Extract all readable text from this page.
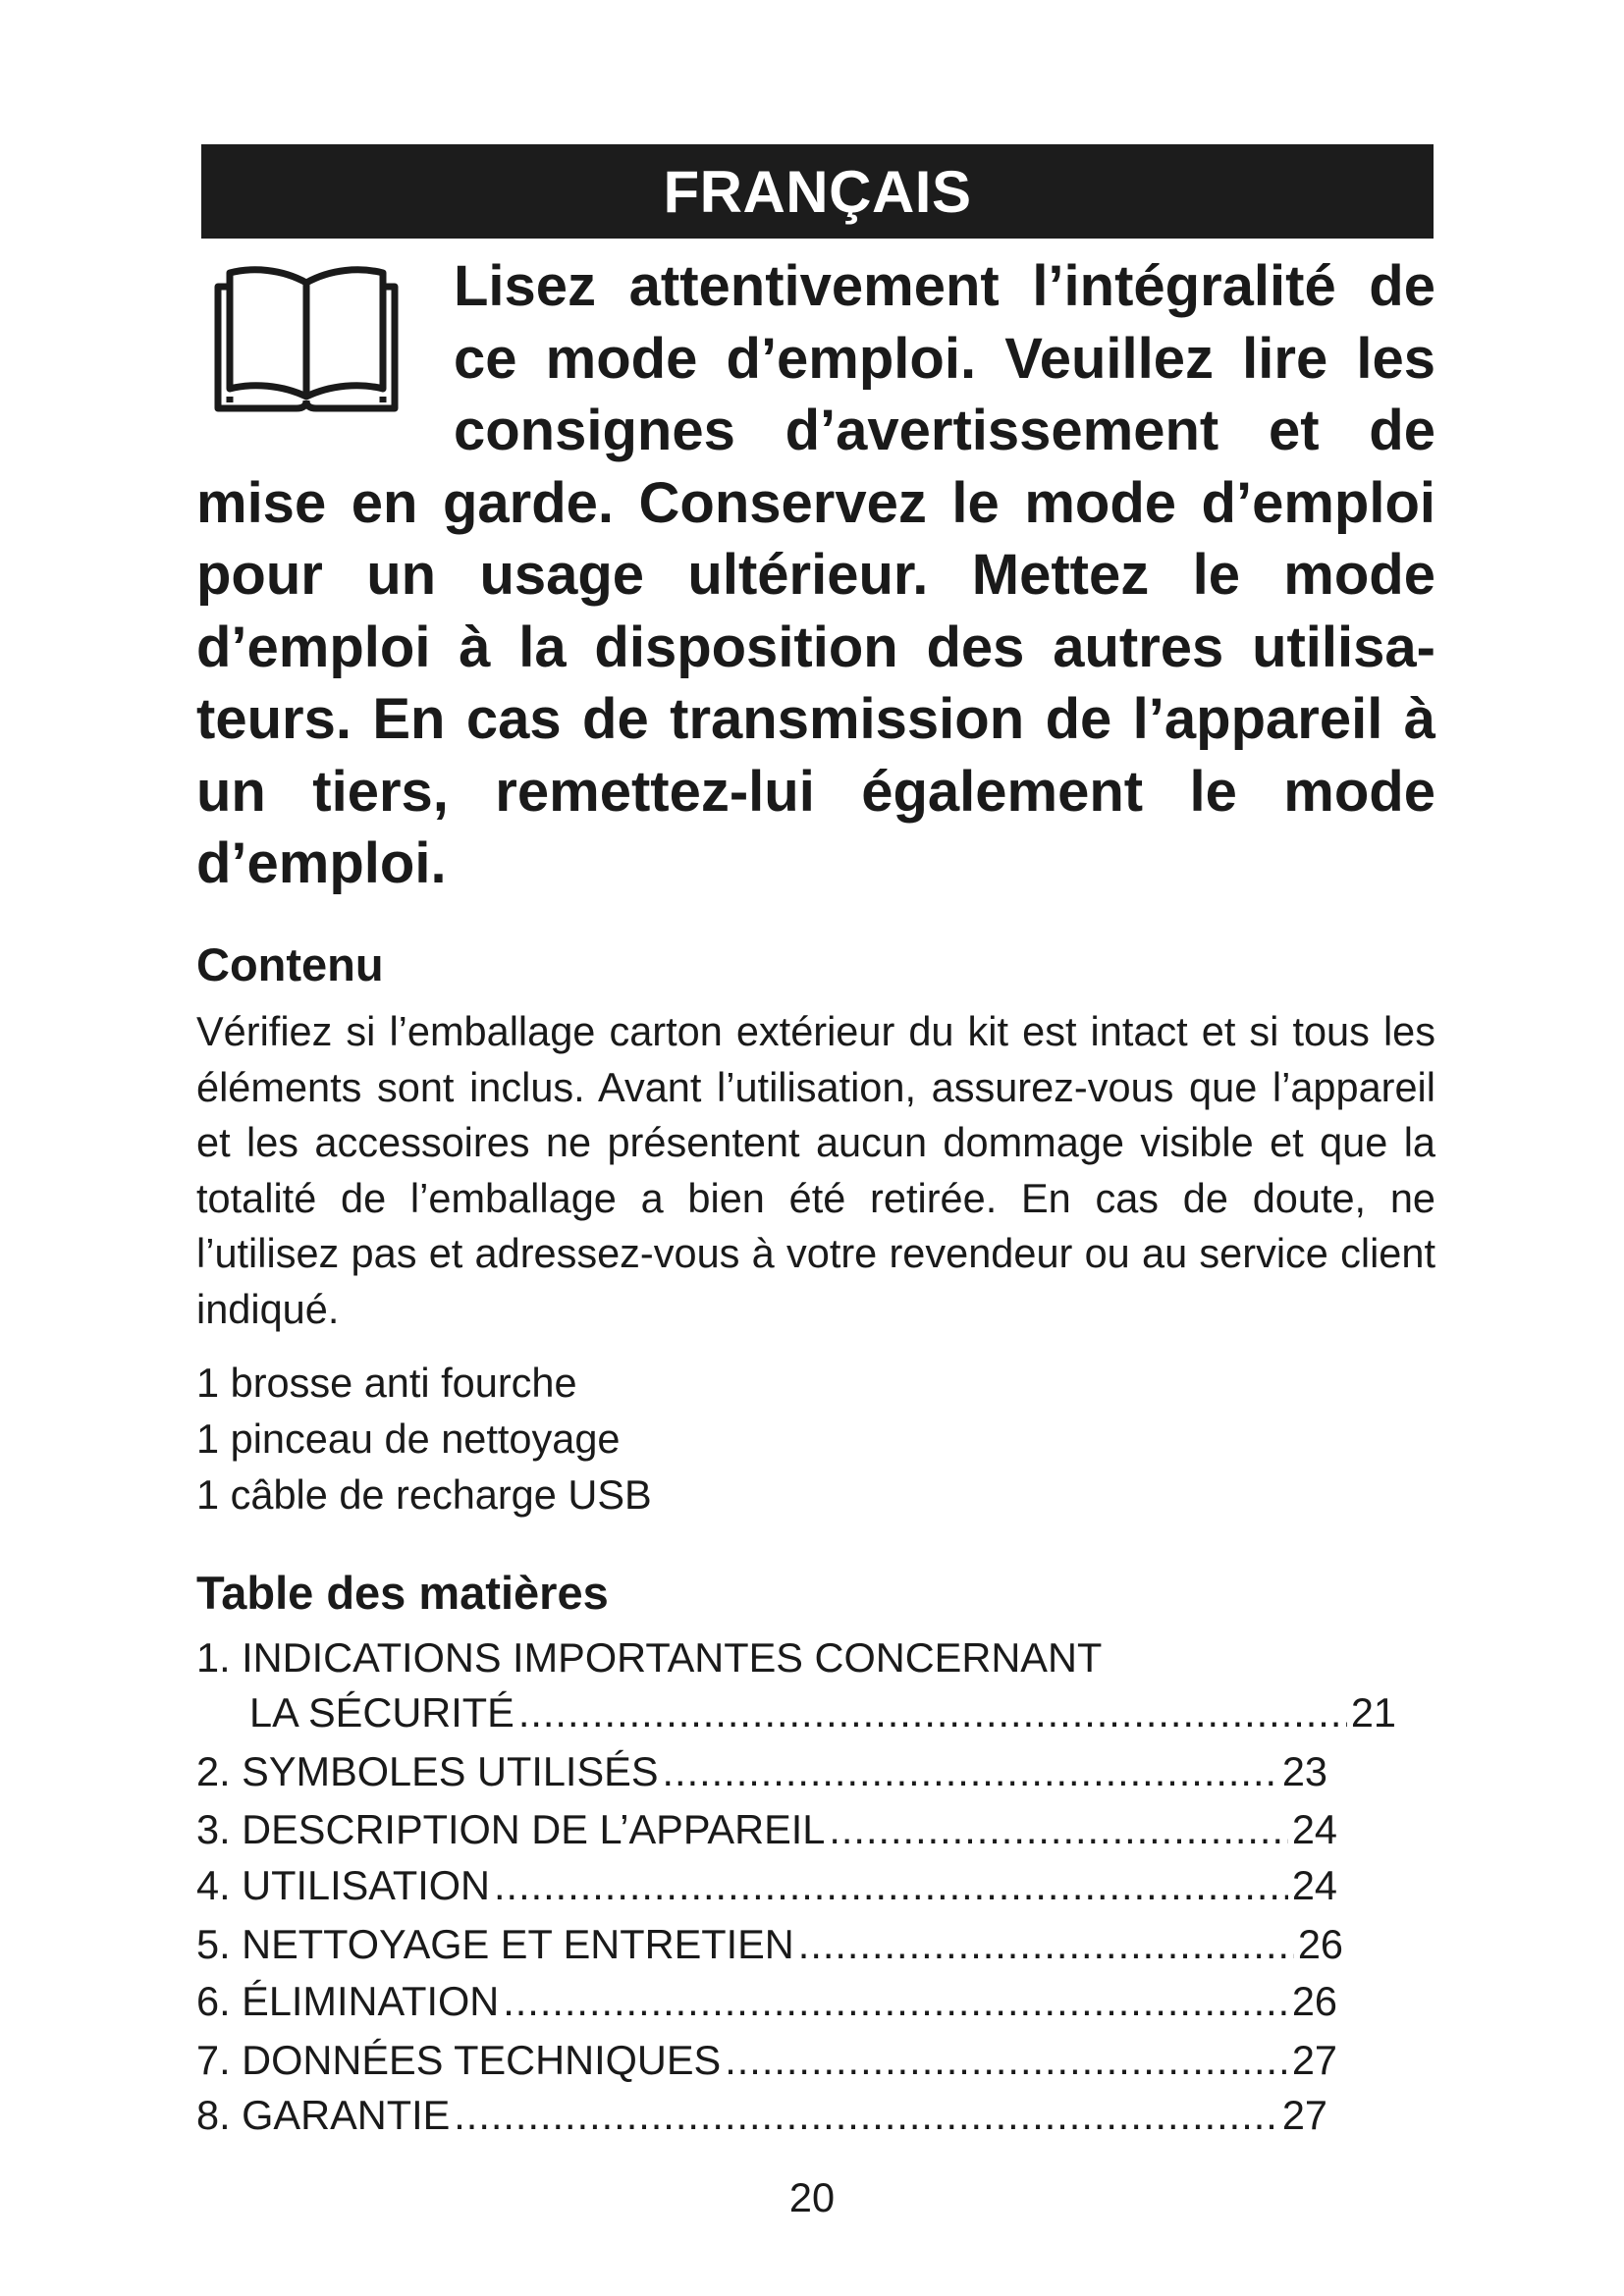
FRANÇAIS

Lisez attentivement l’intégralité de ce mode d’emploi. Veuillez lire les consignes d’avertissement et de mise en garde. Conservez le mode d’emploi pour un usage ultérieur. Mettez le mode d’emploi à la disposition des autres utilisateurs. En cas de transmission de l’appareil à un tiers, remettez-lui également le mode d’emploi.

Contenu

Vérifiez si l’emballage carton extérieur du kit est intact et si tous les éléments sont inclus. Avant l’utilisation, assurez-vous que l’appareil et les accessoires ne présentent aucun dommage visible et que la totalité de l’emballage a bien été retirée. En cas de doute, ne l’utilisez pas et adressez-vous à votre revendeur ou au service client indiqué.

1 brosse anti fourche
1 pinceau de nettoyage
1 câble de recharge USB
Table des matières
1. INDICATIONS IMPORTANTES CONCERNANT
LA SÉCURITÉ .....	21
2. SYMBOLES UTILISÉS .....	23
3. DESCRIPTION DE L’APPAREIL .....	24
4. UTILISATION .....	24
5. NETTOYAGE ET ENTRETIEN .....	26
6. ÉLIMINATION .....	26
7. DONNÉES TECHNIQUES .....	27
8. GARANTIE .....	27
20
